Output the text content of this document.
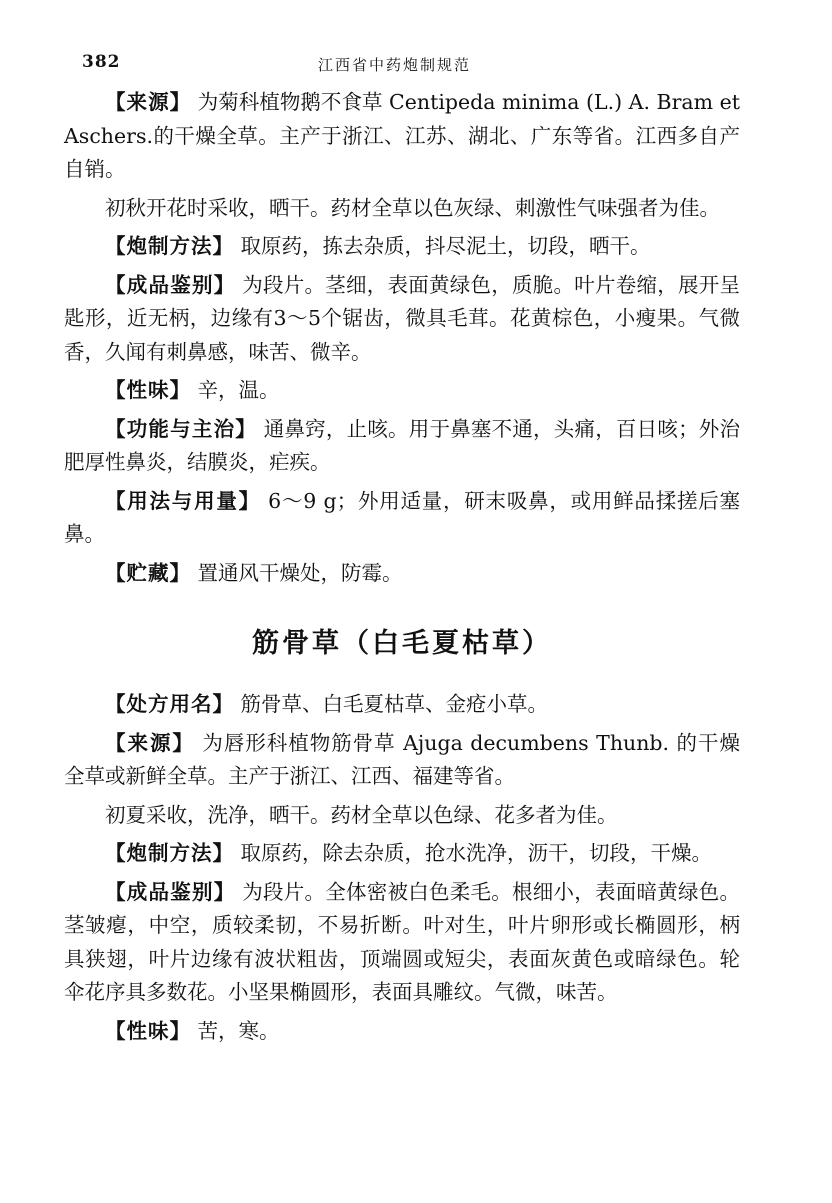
382	江西省中药炮制规范

【来源】 为菊科植物鹅不食草 Centipeda minima (L.) A. Bram et Aschers.的干燥全草。主产于浙江、江苏、湖北、广东等省。江西多自产自销。

初秋开花时采收，晒干。药材全草以色灰绿、刺激性气味强者为佳。

【炮制方法】 取原药，拣去杂质，抖尽泥土，切段，晒干。

【成品鉴别】 为段片。茎细，表面黄绿色，质脆。叶片卷缩，展开呈匙形，近无柄，边缘有3～5个锯齿，微具毛茸。花黄棕色，小瘦果。气微香，久闻有刺鼻感，味苦、微辛。

【性味】 辛，温。

【功能与主治】 通鼻窍，止咳。用于鼻塞不通，头痛，百日咳；外治肥厚性鼻炎，结膜炎，疟疾。

【用法与用量】 6～9 g；外用适量，研末吸鼻，或用鲜品揉搓后塞鼻。

【贮藏】 置通风干燥处，防霉。

筋骨草（白毛夏枯草）

【处方用名】 筋骨草、白毛夏枯草、金疮小草。

【来源】 为唇形科植物筋骨草 Ajuga decumbens Thunb. 的干燥全草或新鲜全草。主产于浙江、江西、福建等省。

初夏采收，洗净，晒干。药材全草以色绿、花多者为佳。

【炮制方法】 取原药，除去杂质，抢水洗净，沥干，切段，干燥。

【成品鉴别】 为段片。全体密被白色柔毛。根细小，表面暗黄绿色。茎皱瘪，中空，质较柔韧，不易折断。叶对生，叶片卵形或长椭圆形，柄具狭翅，叶片边缘有波状粗齿，顶端圆或短尖，表面灰黄色或暗绿色。轮伞花序具多数花。小坚果椭圆形，表面具雕纹。气微，味苦。

【性味】 苦，寒。
